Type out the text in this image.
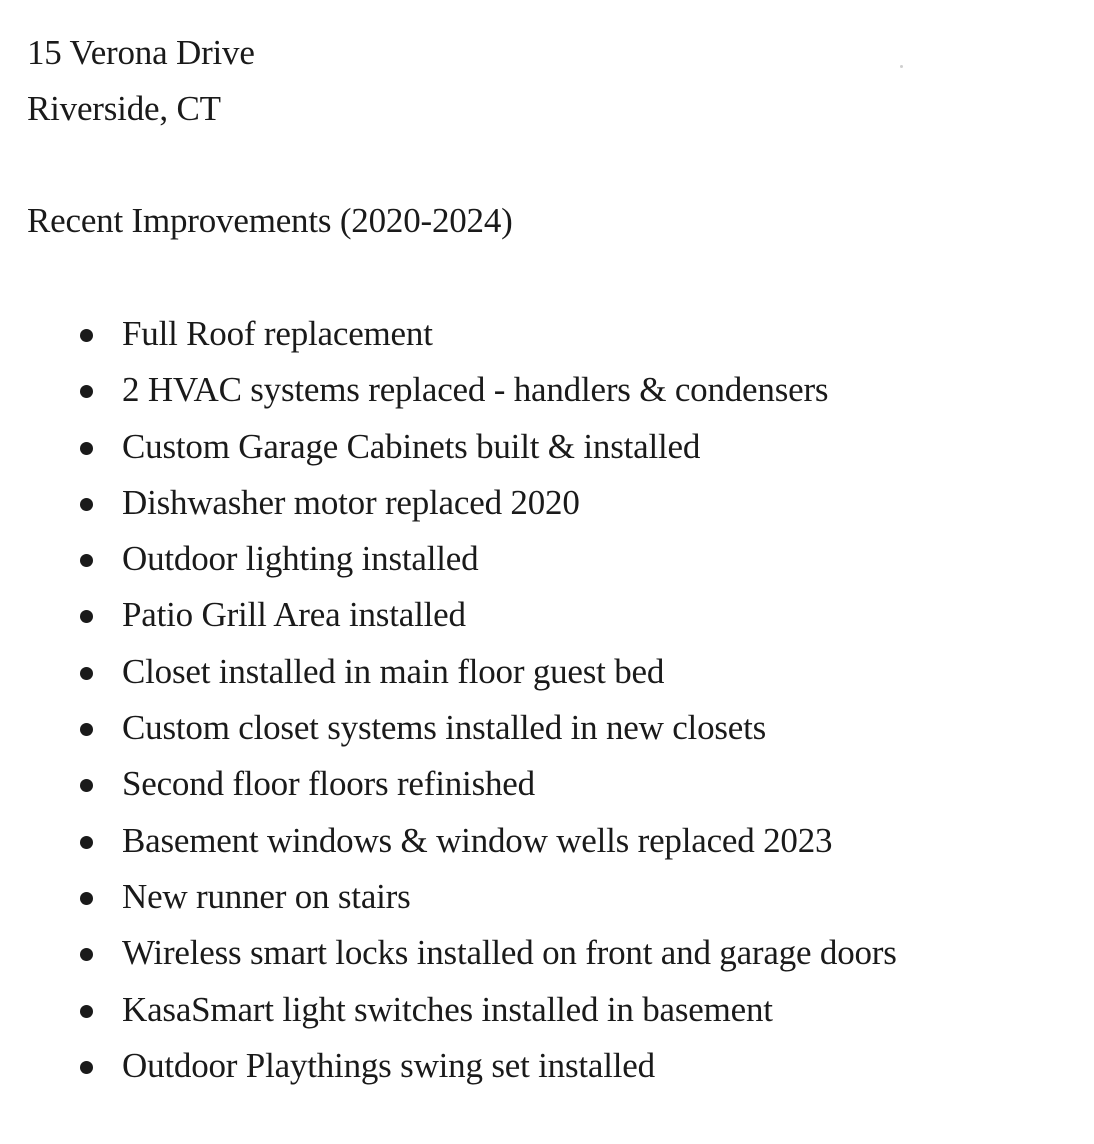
15 Verona Drive
Riverside, CT
Recent Improvements (2020-2024)
Full Roof replacement
2 HVAC systems replaced - handlers & condensers
Custom Garage Cabinets built & installed
Dishwasher motor replaced 2020
Outdoor lighting installed
Patio Grill Area installed
Closet installed in main floor guest bed
Custom closet systems installed in new closets
Second floor floors refinished
Basement windows & window wells replaced 2023
New runner on stairs
Wireless smart locks installed on front and garage doors
KasaSmart light switches installed in basement
Outdoor Playthings swing set installed
